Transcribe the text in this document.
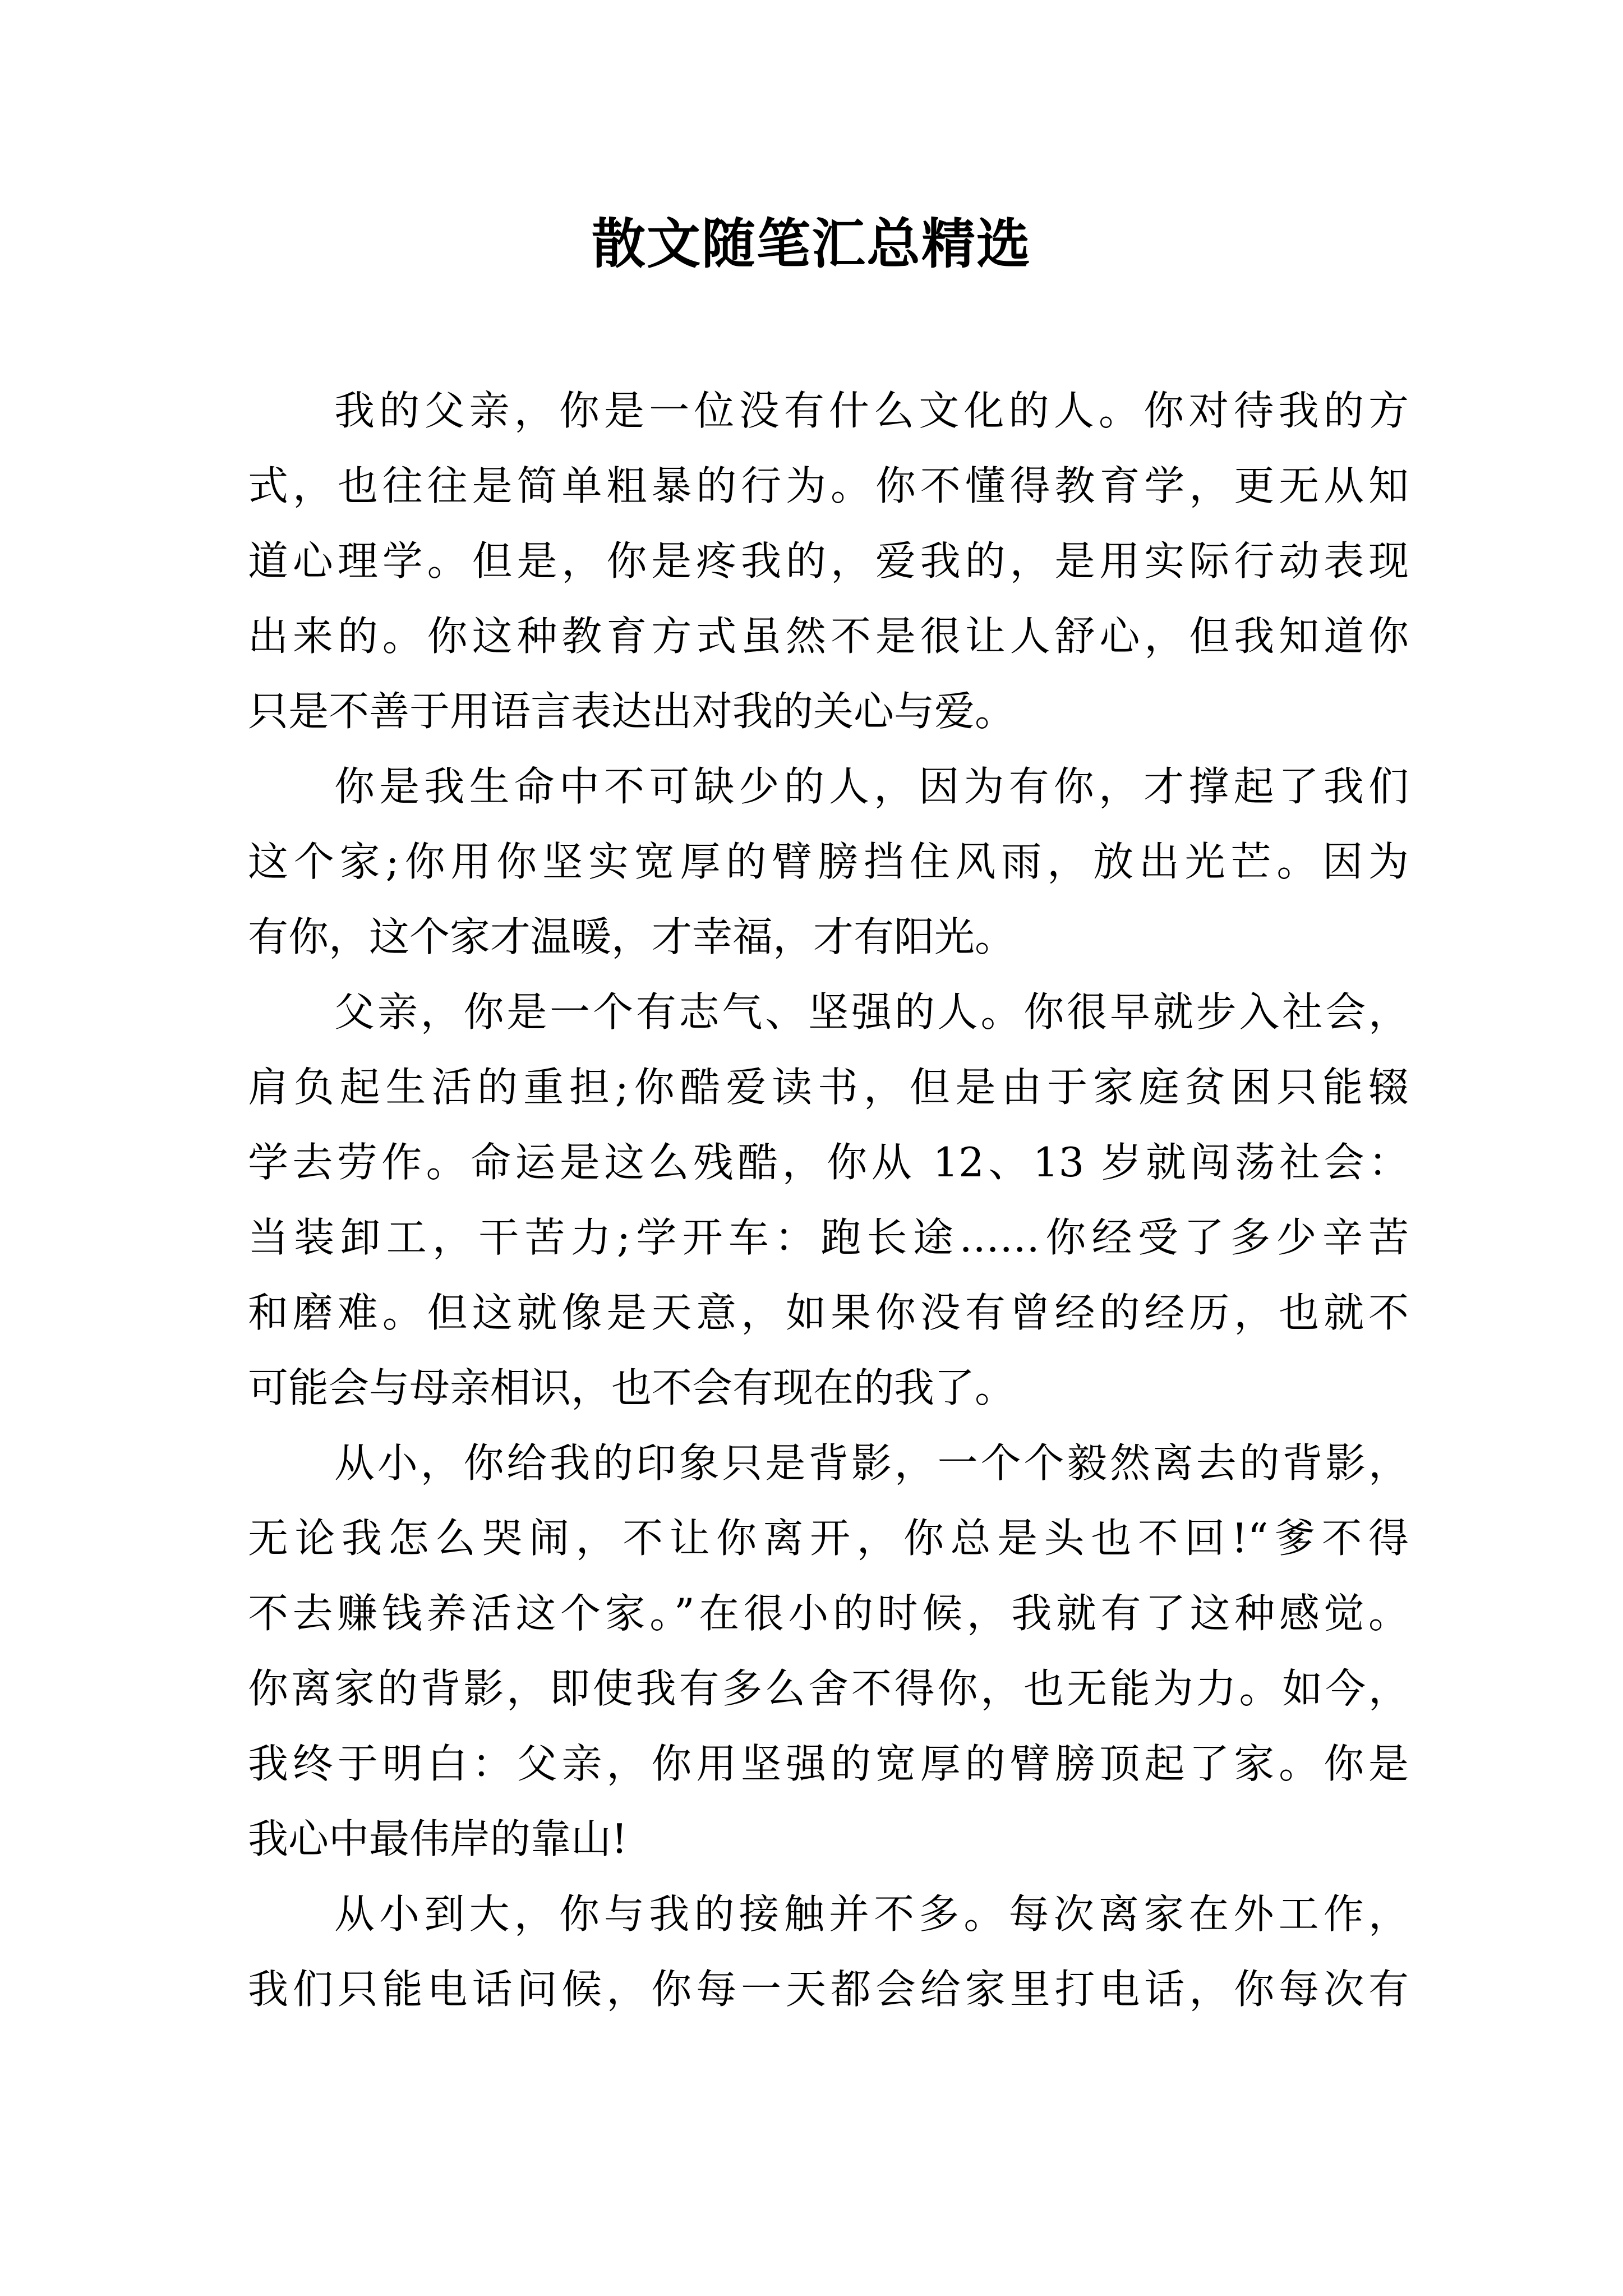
散文随笔汇总精选
我的父亲，你是一位没有什么文化的人。你对待我的方
式，也往往是简单粗暴的行为。你不懂得教育学，更无从知
道心理学。但是，你是疼我的，爱我的，是用实际行动表现
出来的。你这种教育方式虽然不是很让人舒心，但我知道你
只是不善于用语言表达出对我的关心与爱。
你是我生命中不可缺少的人，因为有你，才撑起了我们
这个家;你用你坚实宽厚的臂膀挡住风雨，放出光芒。因为
有你，这个家才温暖，才幸福，才有阳光。
父亲，你是一个有志气、坚强的人。你很早就步入社会，
肩负起生活的重担;你酷爱读书，但是由于家庭贫困只能辍
学去劳作。命运是这么残酷，你从 12、13 岁就闯荡社会：
当装卸工，干苦力;学开车：跑长途……你经受了多少辛苦
和磨难。但这就像是天意，如果你没有曾经的经历，也就不
可能会与母亲相识，也不会有现在的我了。
从小，你给我的印象只是背影，一个个毅然离去的背影，
无论我怎么哭闹，不让你离开，你总是头也不回!“爹不得
不去赚钱养活这个家。”在很小的时候，我就有了这种感觉。
你离家的背影，即使我有多么舍不得你，也无能为力。如今，
我终于明白：父亲，你用坚强的宽厚的臂膀顶起了家。你是
我心中最伟岸的靠山!
从小到大，你与我的接触并不多。每次离家在外工作，
我们只能电话问候，你每一天都会给家里打电话，你每次有
